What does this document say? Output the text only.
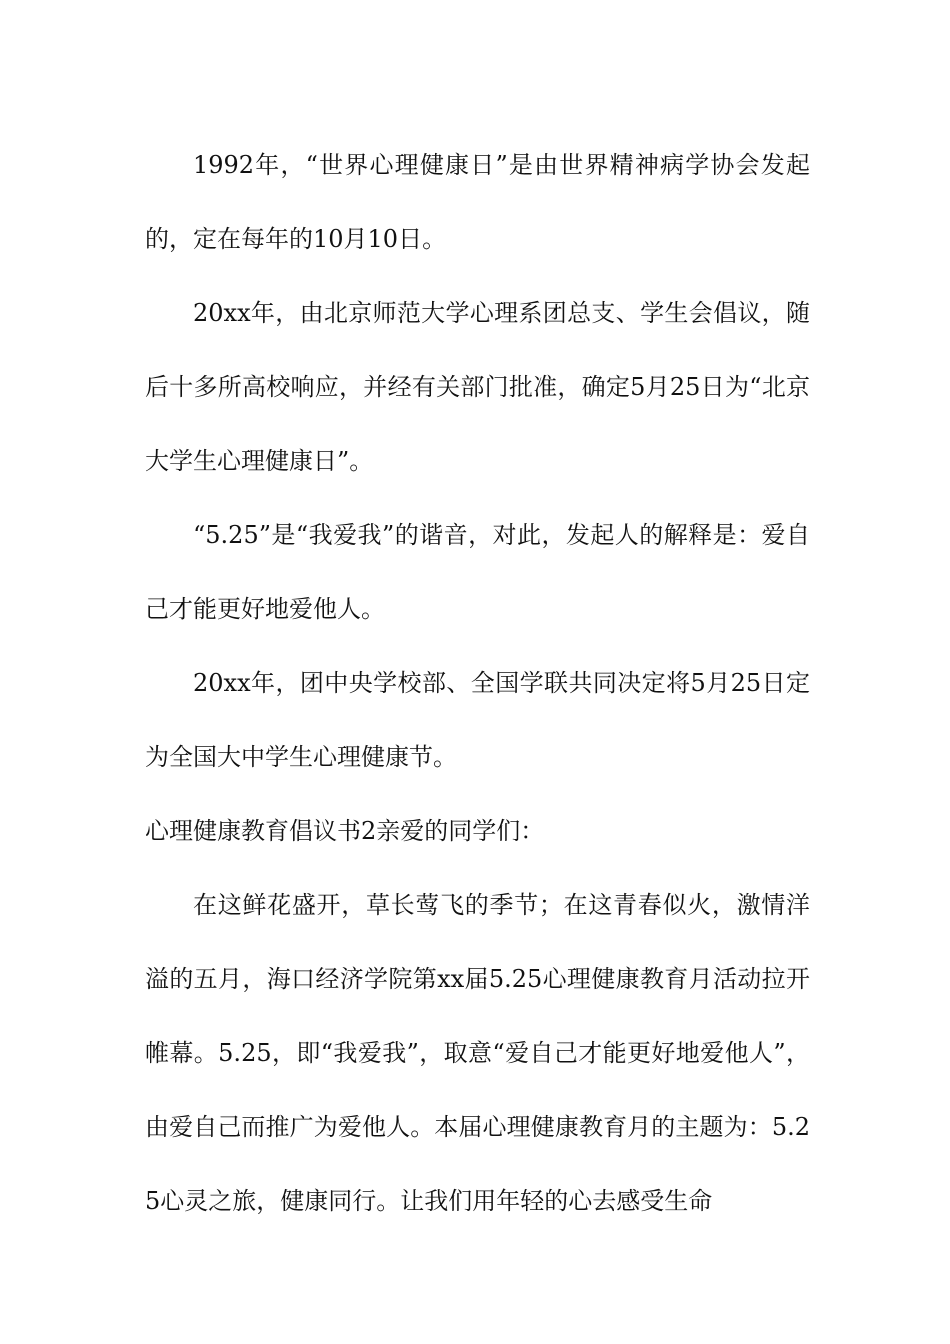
1992年，“世界心理健康日”是由世界精神病学协会发起的，定在每年的10月10日。

20xx年，由北京师范大学心理系团总支、学生会倡议，随后十多所高校响应，并经有关部门批准，确定5月25日为“北京大学生心理健康日”。

“5.25”是“我爱我”的谐音，对此，发起人的解释是：爱自己才能更好地爱他人。

20xx年，团中央学校部、全国学联共同决定将5月25日定为全国大中学生心理健康节。

心理健康教育倡议书2亲爱的同学们：

在这鲜花盛开，草长莺飞的季节；在这青春似火，激情洋溢的五月，海口经济学院第xx届5.25心理健康教育月活动拉开帷幕。5.25，即“我爱我”，取意“爱自己才能更好地爱他人”，由爱自己而推广为爱他人。本届心理健康教育月的主题为：5.25心灵之旅，健康同行。让我们用年轻的心去感受生命
